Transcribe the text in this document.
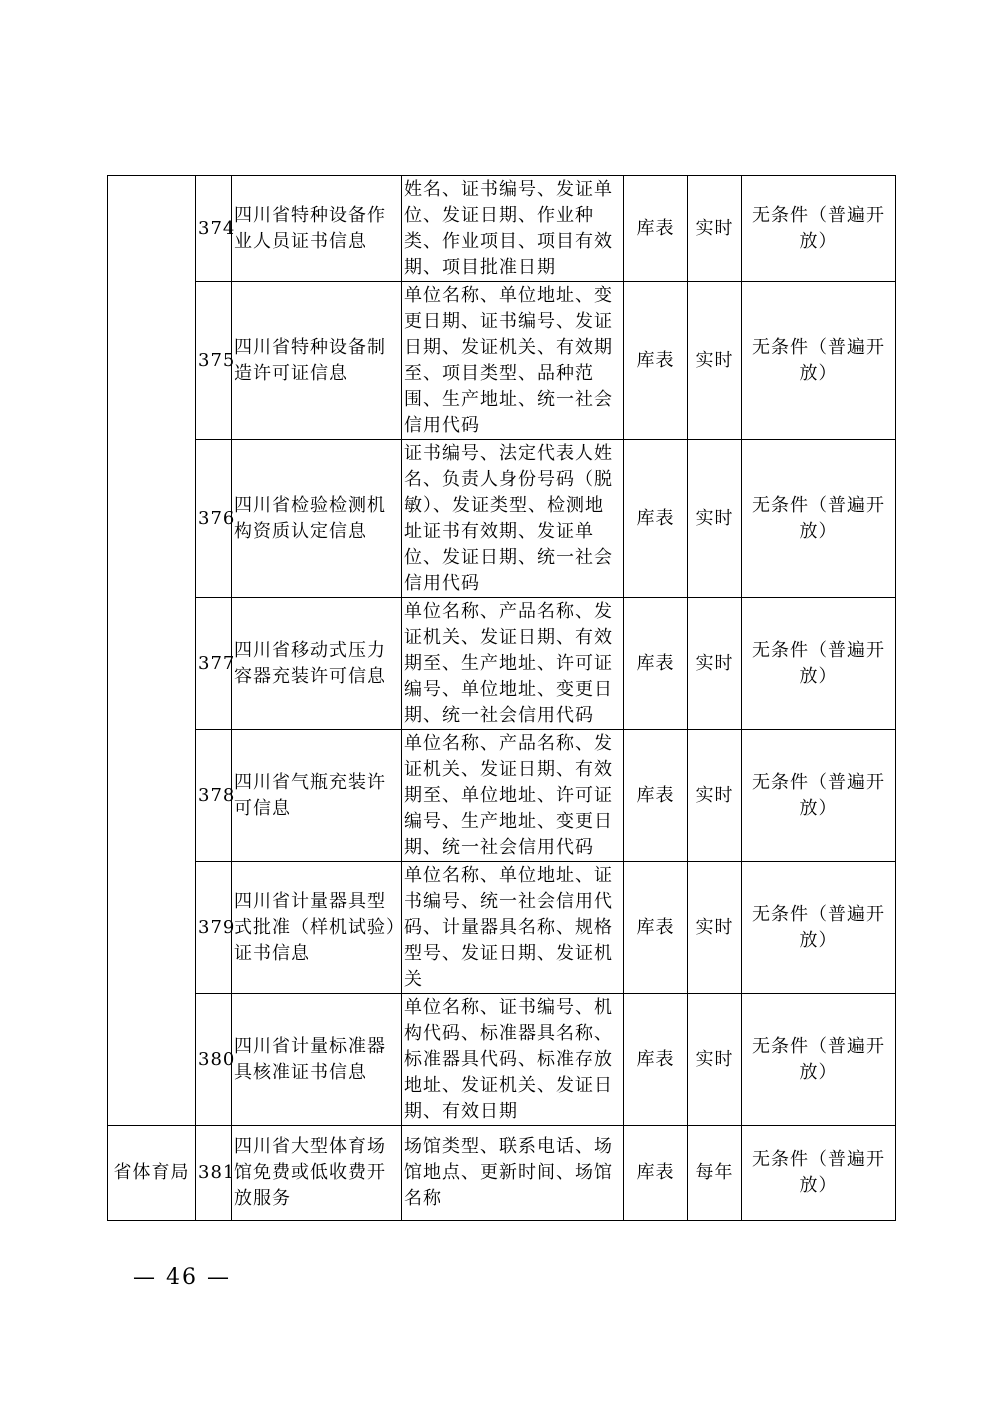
	374	四川省特种设备作业人员证书信息	姓名、证书编号、发证单位、发证日期、作业种类、作业项目、项目有效期、项目批准日期	库表	实时	无条件（普遍开放）
	375	四川省特种设备制造许可证信息	单位名称、单位地址、变更日期、证书编号、发证日期、发证机关、有效期至、项目类型、品种范围、生产地址、统一社会信用代码	库表	实时	无条件（普遍开放）
	376	四川省检验检测机构资质认定信息	证书编号、法定代表人姓名、负责人身份号码（脱敏）、发证类型、检测地址证书有效期、发证单位、发证日期、统一社会信用代码	库表	实时	无条件（普遍开放）
	377	四川省移动式压力容器充装许可信息	单位名称、产品名称、发证机关、发证日期、有效期至、生产地址、许可证编号、单位地址、变更日期、统一社会信用代码	库表	实时	无条件（普遍开放）
	378	四川省气瓶充装许可信息	单位名称、产品名称、发证机关、发证日期、有效期至、单位地址、许可证编号、生产地址、变更日期、统一社会信用代码	库表	实时	无条件（普遍开放）
	379	四川省计量器具型式批准（样机试验）证书信息	单位名称、单位地址、证书编号、统一社会信用代码、计量器具名称、规格型号、发证日期、发证机关	库表	实时	无条件（普遍开放）
	380	四川省计量标准器具核准证书信息	单位名称、证书编号、机构代码、标准器具名称、标准器具代码、标准存放地址、发证机关、发证日期、有效日期	库表	实时	无条件（普遍开放）
省体育局	381	四川省大型体育场馆免费或低收费开放服务	场馆类型、联系电话、场馆地点、更新时间、场馆名称	库表	每年	无条件（普遍开放）
— 46 —
